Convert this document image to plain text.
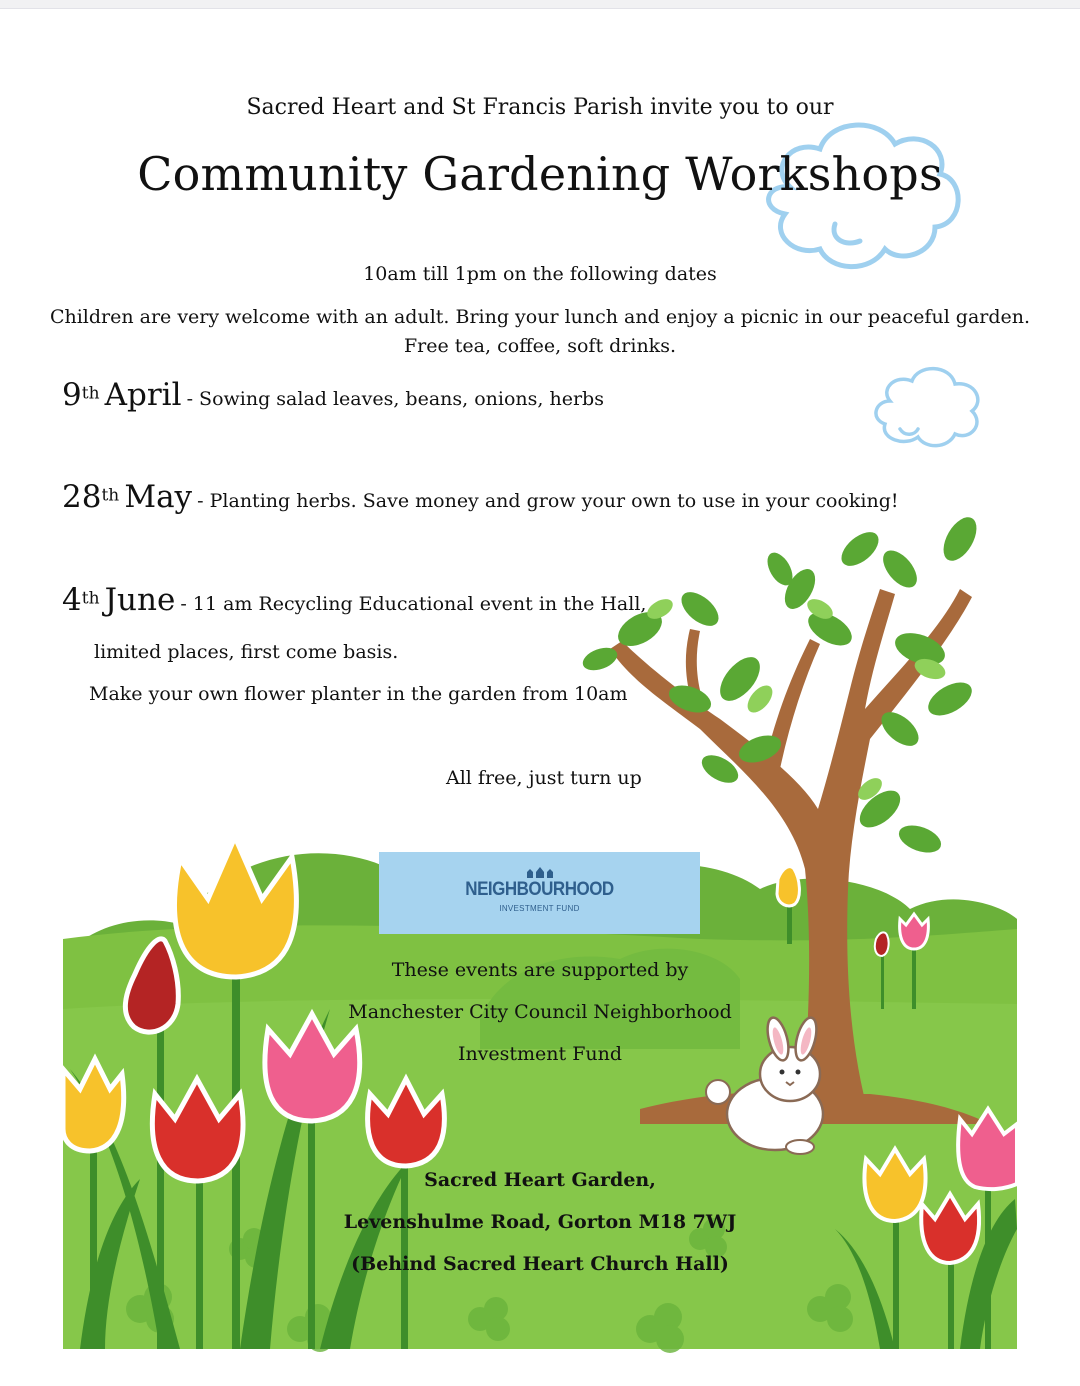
Sacred Heart and St Francis Parish invite you to our
Community Gardening Workshops
10am till 1pm on the following dates
Children are very welcome with an adult. Bring your lunch and enjoy a picnic in our peaceful garden.
Free tea, coffee, soft drinks.
9th April - Sowing salad leaves, beans, onions, herbs
28th May - Planting herbs. Save money and grow your own to use in your cooking!
4th June - 11 am Recycling Educational event in the Hall,
limited places, first come basis.
Make your own flower planter in the garden from 10am
All free, just turn up
NEIGHBOURHOOD
INVESTMENT FUND
These events are supported by
Manchester City Council Neighborhood
Investment Fund
Sacred Heart Garden,
Levenshulme Road, Gorton M18 7WJ
(Behind Sacred Heart Church Hall)
